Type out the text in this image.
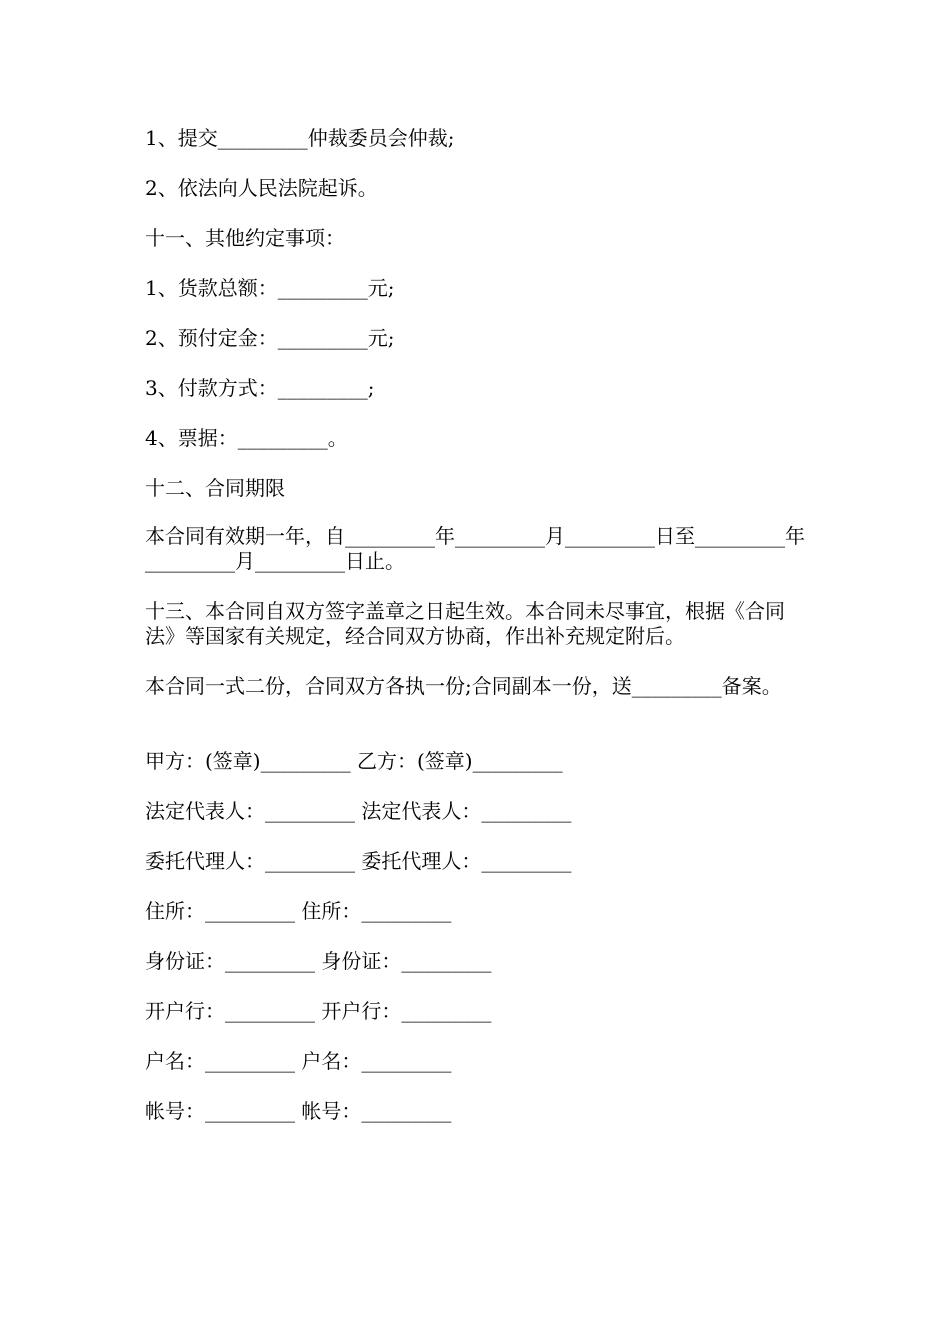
1、提交_________仲裁委员会仲裁;

2、依法向人民法院起诉。

十一、其他约定事项：

1、货款总额：_________元;

2、预付定金：_________元;

3、付款方式：_________;

4、票据：_________。

十二、合同期限

本合同有效期一年，自_________年_________月_________日至_________年_________月_________日止。

十三、本合同自双方签字盖章之日起生效。本合同未尽事宜，根据《合同法》等国家有关规定，经合同双方协商，作出补充规定附后。

本合同一式二份，合同双方各执一份;合同副本一份，送_________备案。

甲方：(签章)_________ 乙方：(签章)_________

法定代表人：_________ 法定代表人：_________

委托代理人：_________ 委托代理人：_________

住所：_________ 住所：_________

身份证：_________ 身份证：_________

开户行：_________ 开户行：_________

户名：_________ 户名：_________

帐号：_________ 帐号：_________
